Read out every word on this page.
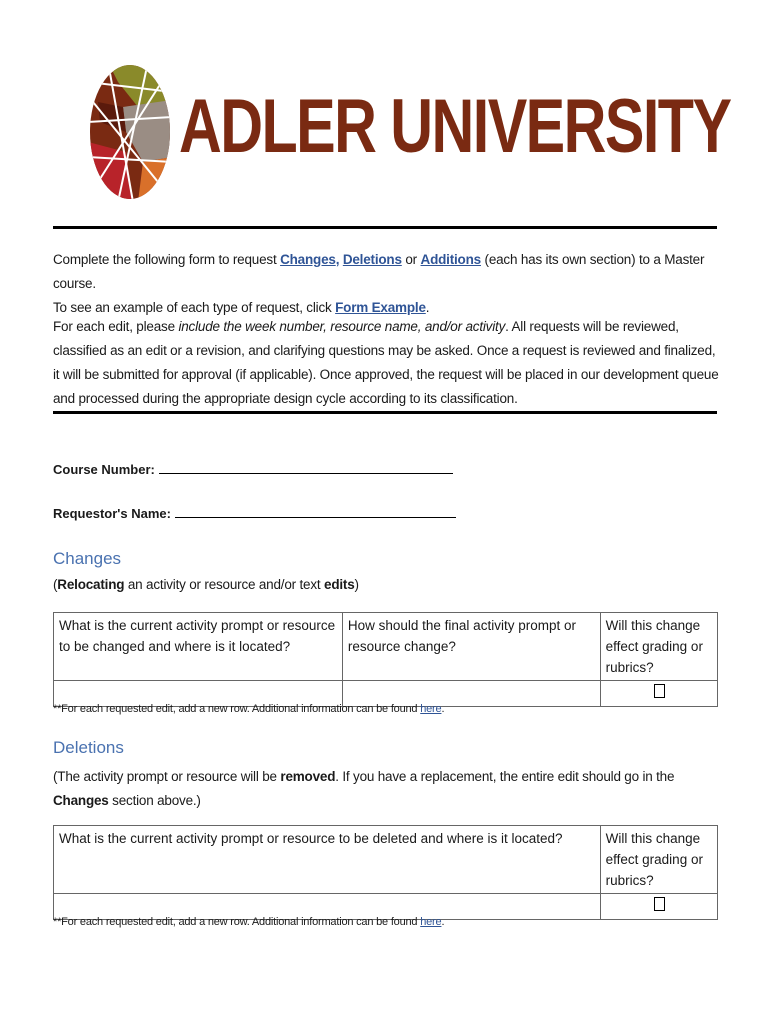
ADLER UNIVERSITY
Complete the following form to request Changes, Deletions or Additions (each has its own section) to a Master course.
To see an example of each type of request, click Form Example.
For each edit, please include the week number, resource name, and/or activity. All requests will be reviewed, classified as an edit or a revision, and clarifying questions may be asked. Once a request is reviewed and finalized, it will be submitted for approval (if applicable). Once approved, the request will be placed in our development queue and processed during the appropriate design cycle according to its classification.
Course Number:
Requestor's Name:
Changes
(Relocating an activity or resource and/or text edits)
What is the current activity prompt or resource to be changed and where is it located?	How should the final activity prompt or resource change?	Will this change effect grading or rubrics?

**For each requested edit, add a new row. Additional information can be found here.
Deletions
(The activity prompt or resource will be removed. If you have a replacement, the entire edit should go in the Changes section above.)
What is the current activity prompt or resource to be deleted and where is it located?	Will this change effect grading or rubrics?

**For each requested edit, add a new row. Additional information can be found here.
